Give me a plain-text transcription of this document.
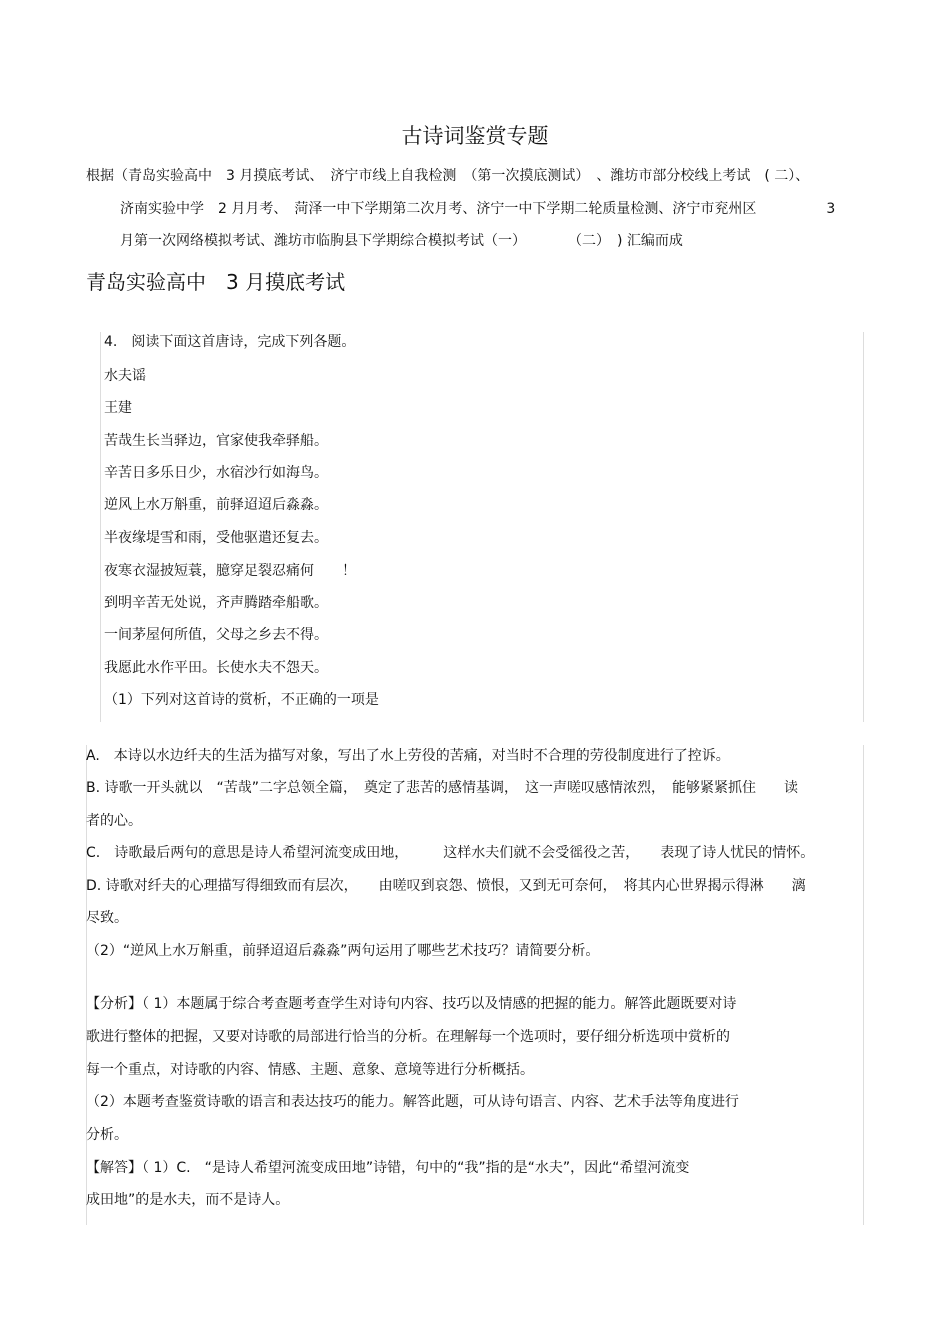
古诗词鉴赏专题
根据（青岛实验高中　3 月摸底考试、　济宁市线上自我检测　（第一次摸底测试）　、潍坊市部分校线上考试　( 二）、
济南实验中学　2 月月考、　菏泽一中下学期第二次月考、济宁一中下学期二轮质量检测、济宁市兖州区　　　　　3
月第一次网络模拟考试、潍坊市临朐县下学期综合模拟考试（一）　　　　（二）　) 汇编而成
青岛实验高中　3 月摸底考试
4.　阅读下面这首唐诗，完成下列各题。
水夫谣
王建
苦哉生长当驿边，官家使我牵驿船。
辛苦日多乐日少，水宿沙行如海鸟。
逆风上水万斛重，前驿迢迢后淼淼。
半夜缘堤雪和雨，受他驱遣还复去。
夜寒衣湿披短蓑，臆穿足裂忍痛何　　！
到明辛苦无处说，齐声腾踏牵船歌。
一间茅屋何所值，父母之乡去不得。
我愿此水作平田。长使水夫不怨天。
（1）下列对这首诗的赏析，不正确的一项是
A.　本诗以水边纤夫的生活为描写对象，写出了水上劳役的苦痛，对当时不合理的劳役制度进行了控诉。
B. 诗歌一开头就以　“苦哉”二字总领全篇，　奠定了悲苦的感情基调，　这一声嗟叹感情浓烈，　能够紧紧抓住　　读
者的心。
C.　诗歌最后两句的意思是诗人希望河流变成田地，　　　这样水夫们就不会受徭役之苦，　　表现了诗人忧民的情怀。
D. 诗歌对纤夫的心理描写得细致而有层次，　　由嗟叹到哀怨、愤恨，又到无可奈何，　将其内心世界揭示得淋　　漓
尽致。
（2）“逆风上水万斛重，前驿迢迢后淼淼”两句运用了哪些艺术技巧？请简要分析。
【分析】（ 1）本题属于综合考查题考查学生对诗句内容、技巧以及情感的把握的能力。解答此题既要对诗
歌进行整体的把握，又要对诗歌的局部进行恰当的分析。在理解每一个选项时，要仔细分析选项中赏析的
每一个重点，对诗歌的内容、情感、主题、意象、意境等进行分析概括。
（2）本题考查鉴赏诗歌的语言和表达技巧的能力。解答此题，可从诗句语言、内容、艺术手法等角度进行
分析。
【解答】（ 1）C.　“是诗人希望河流变成田地”诗错，句中的“我”指的是“水夫”，因此“希望河流变
成田地”的是水夫，而不是诗人。
